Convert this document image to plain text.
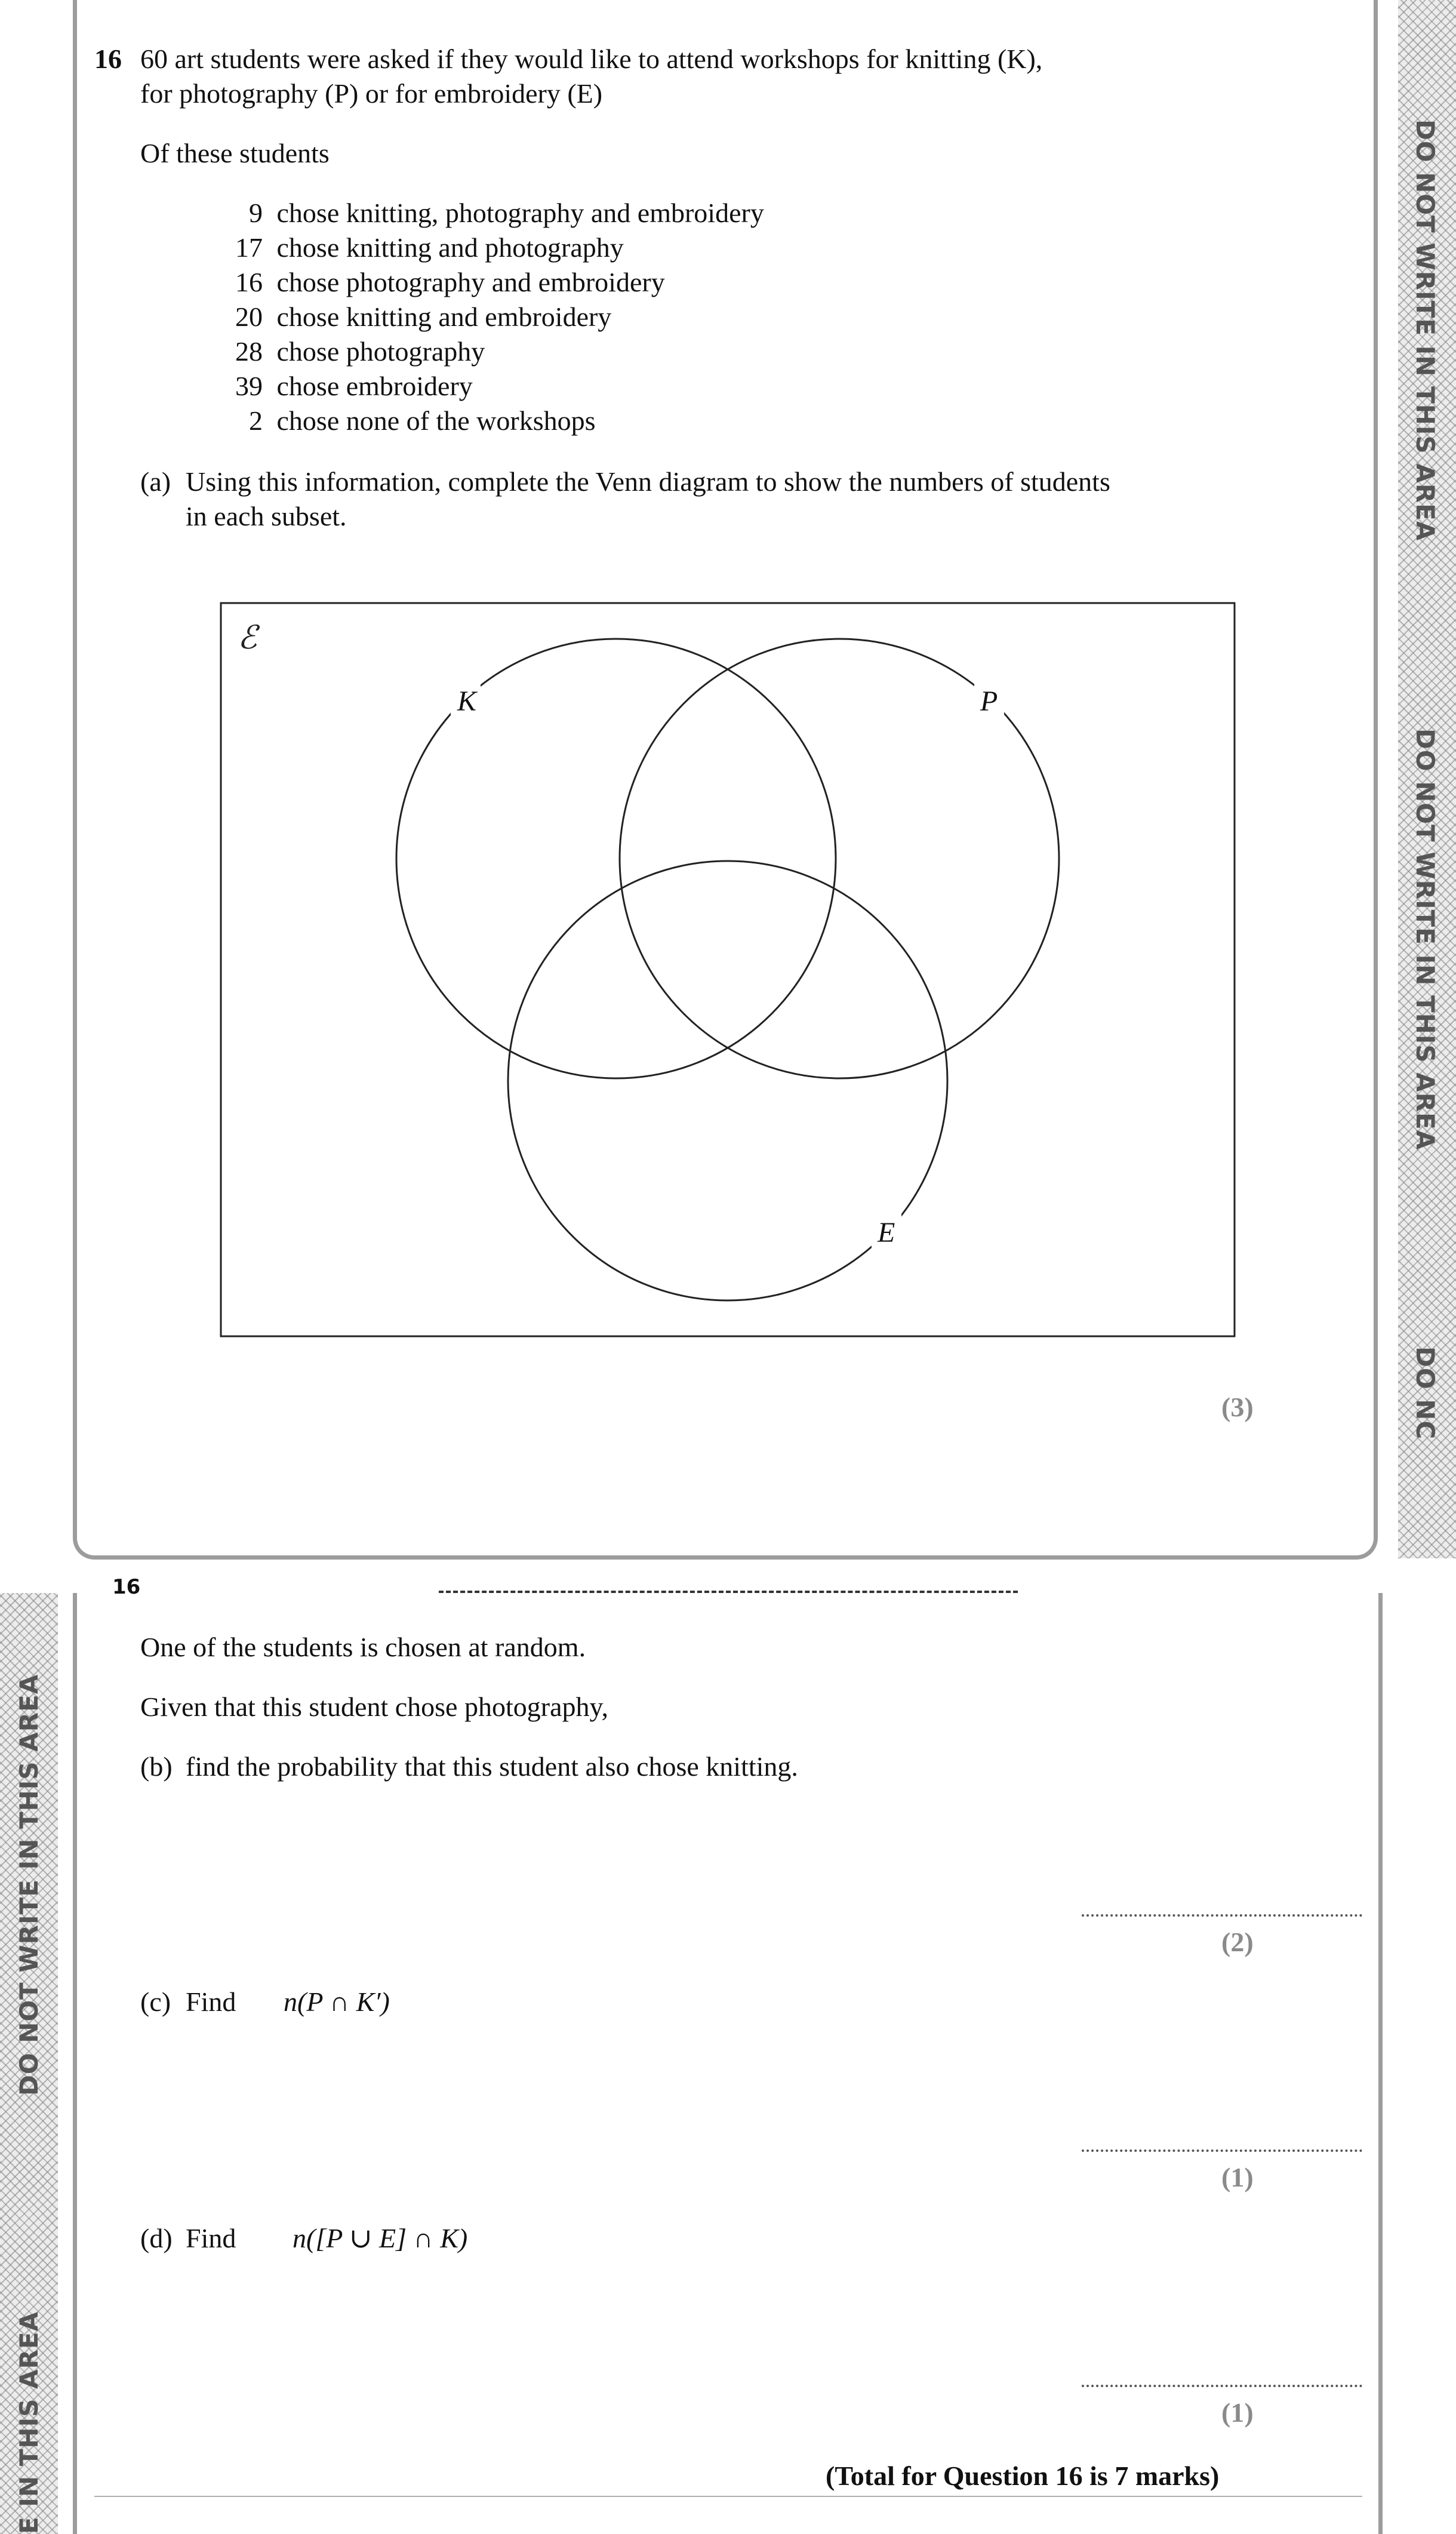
DO NOT WRITE IN THIS AREA
DO NOT WRITE IN THIS AREA
DO NC
DO NOT WRITE IN THIS AREA
E IN THIS AREA
16 60 art students were asked if they would like to attend workshops for knitting (K),
for photography (P) or for embroidery (E)
Of these students
9 chose knitting, photography and embroidery
17 chose knitting and photography
16 chose photography and embroidery
20 chose knitting and embroidery
28 chose photography
39 chose embroidery
2 chose none of the workshops
(a) Using this information, complete the Venn diagram to show the numbers of students
in each subset.
ℰ
K	P
E
(3)
16
One of the students is chosen at random.
Given that this student chose photography,
(b) find the probability that this student also chose knitting.
(2)
(c) Find n(P ∩ K′)
(1)
(d) Find n([P ∪ E] ∩ K)
(1)
(Total for Question 16 is 7 marks)
